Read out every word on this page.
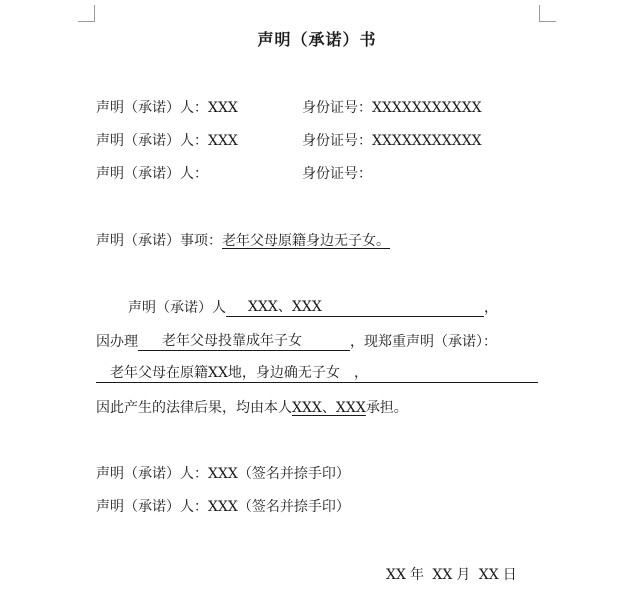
声明（承诺）书
声明（承诺）人：XXX	身份证号：XXXXXXXXXXX
声明（承诺）人：XXX	身份证号：XXXXXXXXXXX
声明（承诺）人：	身份证号：
声明（承诺）事项：老年父母原籍身边无子女。
声明（承诺）人 XXX、XXX	，
因办理 老年父母投靠成年子女	，现郑重声明（承诺）：
老年父母在原籍XX地，身边确无子女 ，
因此产生的法律后果，均由本人XXX、XXX承担。
声明（承诺）人：XXX（签名并捺手印）
声明（承诺）人：XXX（签名并捺手印）
XX 年 XX 月 XX 日
